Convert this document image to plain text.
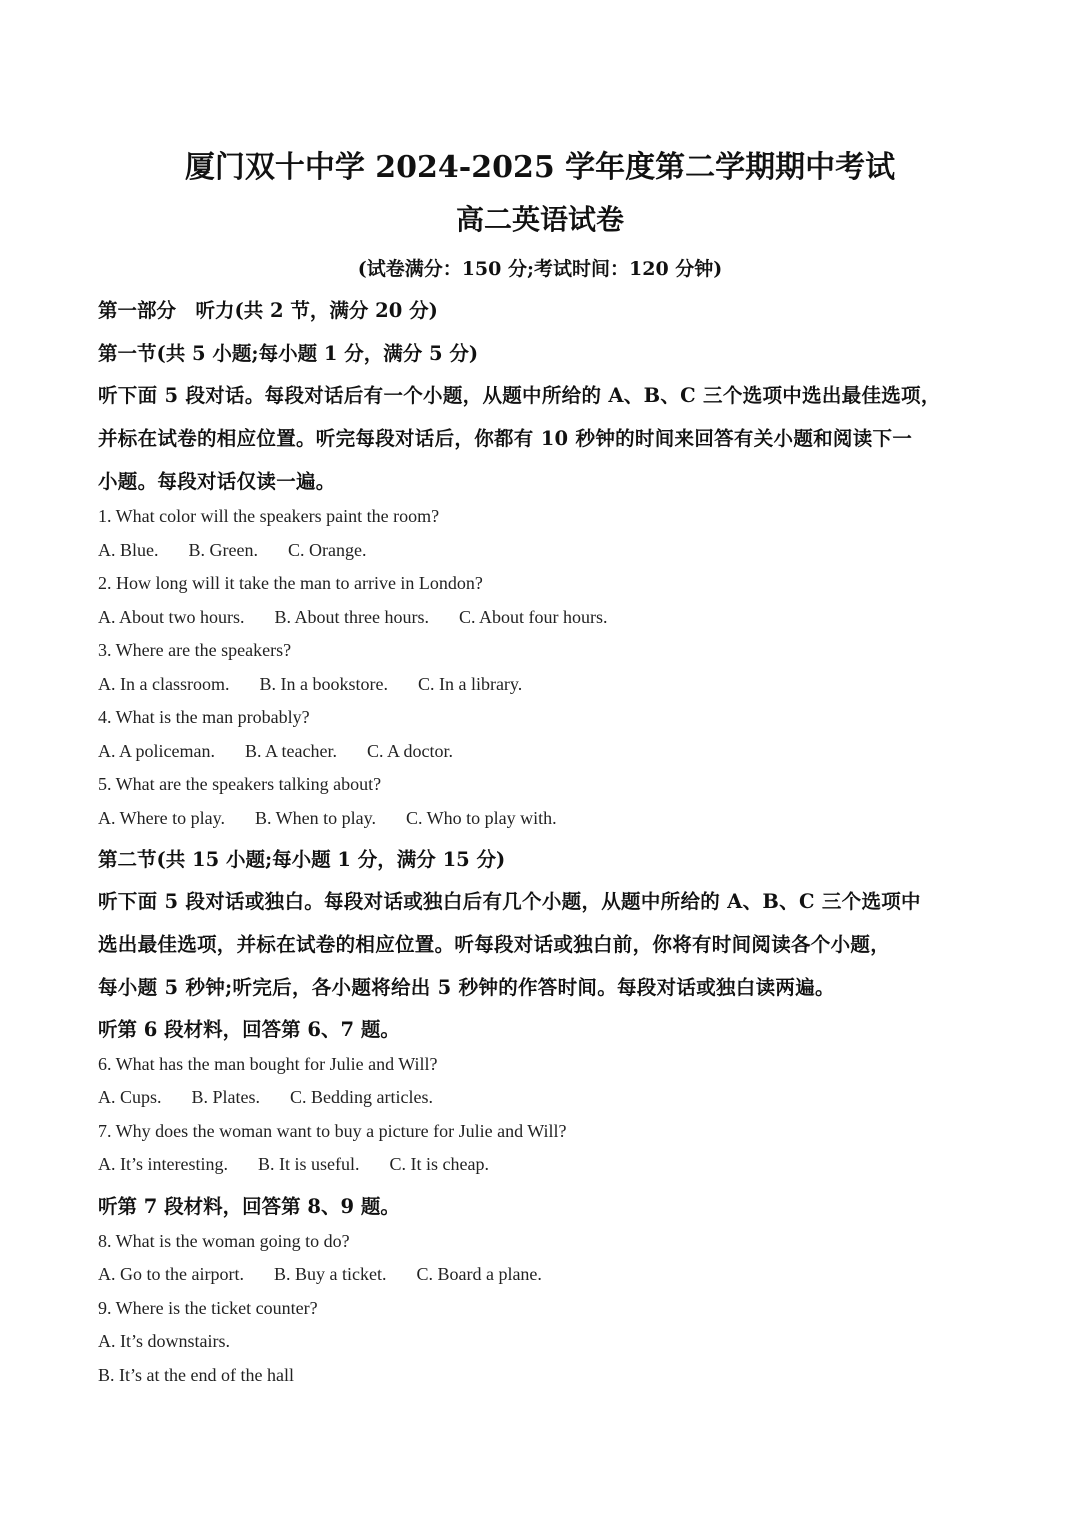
厦门双十中学 2024-2025 学年度第二学期期中考试
高二英语试卷
(试卷满分：150 分;考试时间：120 分钟)
第一部分　听力(共 2 节，满分 20 分)
第一节(共 5 小题;每小题 1 分，满分 5 分)
听下面 5 段对话。每段对话后有一个小题，从题中所给的 A、B、C 三个选项中选出最佳选项，
并标在试卷的相应位置。听完每段对话后，你都有 10 秒钟的时间来回答有关小题和阅读下一
小题。每段对话仅读一遍。
1. What color will the speakers paint the room?
A. Blue. B. Green. C. Orange.
2. How long will it take the man to arrive in London?
A. About two hours. B. About three hours. C. About four hours.
3. Where are the speakers?
A. In a classroom. B. In a bookstore. C. In a library.
4. What is the man probably?
A. A policeman. B. A teacher. C. A doctor.
5. What are the speakers talking about?
A. Where to play. B. When to play. C. Who to play with.
第二节(共 15 小题;每小题 1 分，满分 15 分)
听下面 5 段对话或独白。每段对话或独白后有几个小题，从题中所给的 A、B、C 三个选项中
选出最佳选项，并标在试卷的相应位置。听每段对话或独白前，你将有时间阅读各个小题，
每小题 5 秒钟;听完后，各小题将给出 5 秒钟的作答时间。每段对话或独白读两遍。
听第 6 段材料，回答第 6、7 题。
6. What has the man bought for Julie and Will?
A. Cups. B. Plates. C. Bedding articles.
7. Why does the woman want to buy a picture for Julie and Will?
A. It’s interesting. B. It is useful. C. It is cheap.
听第 7 段材料，回答第 8、9 题。
8. What is the woman going to do?
A. Go to the airport. B. Buy a ticket. C. Board a plane.
9. Where is the ticket counter?
A. It’s downstairs.
B. It’s at the end of the hall
